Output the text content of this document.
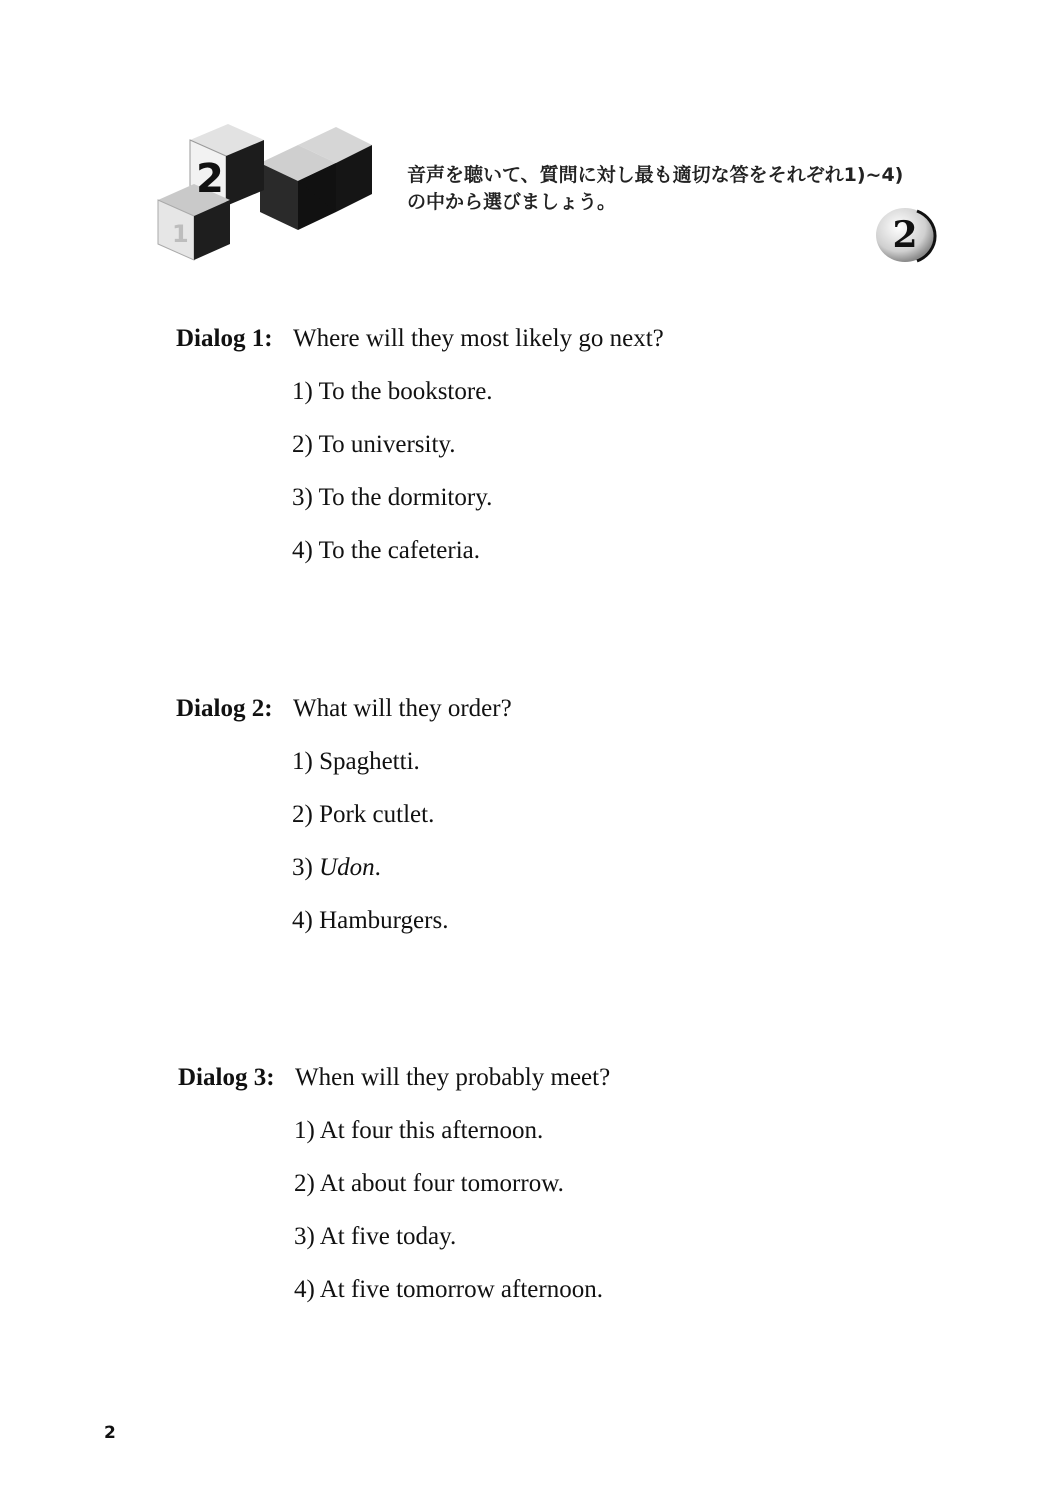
1
2	音声を聴いて、質問に対し最も適切な答をそれぞれ1)~4)
の中から選びましょう。
2
Dialog 1: Where will they most likely go next?
1) To the bookstore.
2) To university.
3) To the dormitory.
4) To the cafeteria.
Dialog 2: What will they order?
1) Spaghetti.
2) Pork cutlet.
3) Udon.
4) Hamburgers.
Dialog 3: When will they probably meet?
1) At four this afternoon.
2) At about four tomorrow.
3) At five today.
4) At five tomorrow afternoon.
2
